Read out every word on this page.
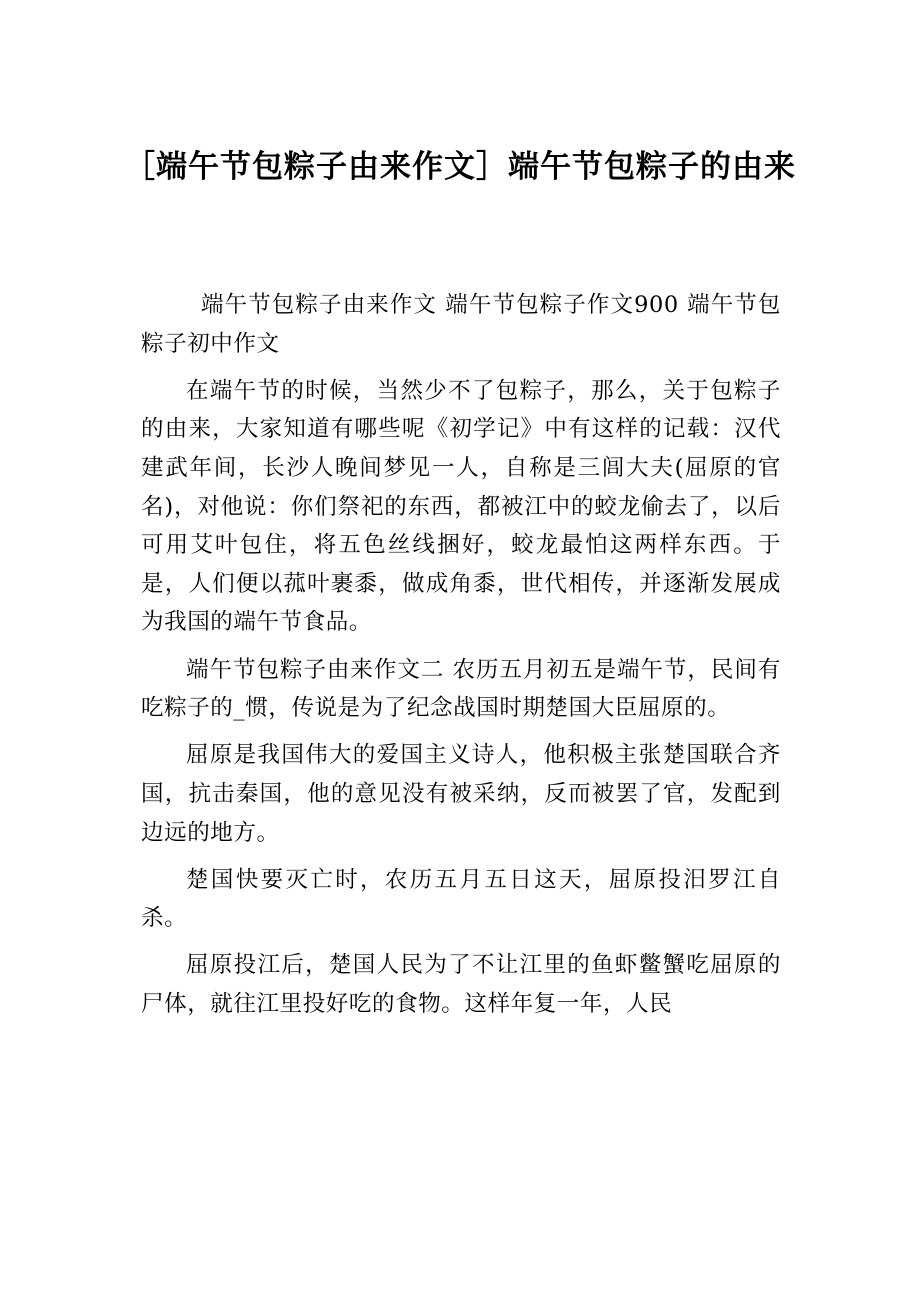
［端午节包粽子由来作文］端午节包粽子的由来

端午节包粽子由来作文 端午节包粽子作文900 端午节包粽子初中作文

在端午节的时候，当然少不了包粽子，那么，关于包粽子的由来，大家知道有哪些呢《初学记》中有这样的记载：汉代建武年间，长沙人晚间梦见一人，自称是三闾大夫(屈原的官名)，对他说：你们祭祀的东西，都被江中的蛟龙偷去了，以后可用艾叶包住，将五色丝线捆好，蛟龙最怕这两样东西。于是，人们便以菰叶裹黍，做成角黍，世代相传，并逐渐发展成为我国的端午节食品。

端午节包粽子由来作文二 农历五月初五是端午节，民间有吃粽子的_惯，传说是为了纪念战国时期楚国大臣屈原的。

屈原是我国伟大的爱国主义诗人，他积极主张楚国联合齐国，抗击秦国，他的意见没有被采纳，反而被罢了官，发配到边远的地方。

楚国快要灭亡时，农历五月五日这天，屈原投汨罗江自杀。

屈原投江后，楚国人民为了不让江里的鱼虾鳖蟹吃屈原的尸体，就往江里投好吃的食物。这样年复一年，人民
